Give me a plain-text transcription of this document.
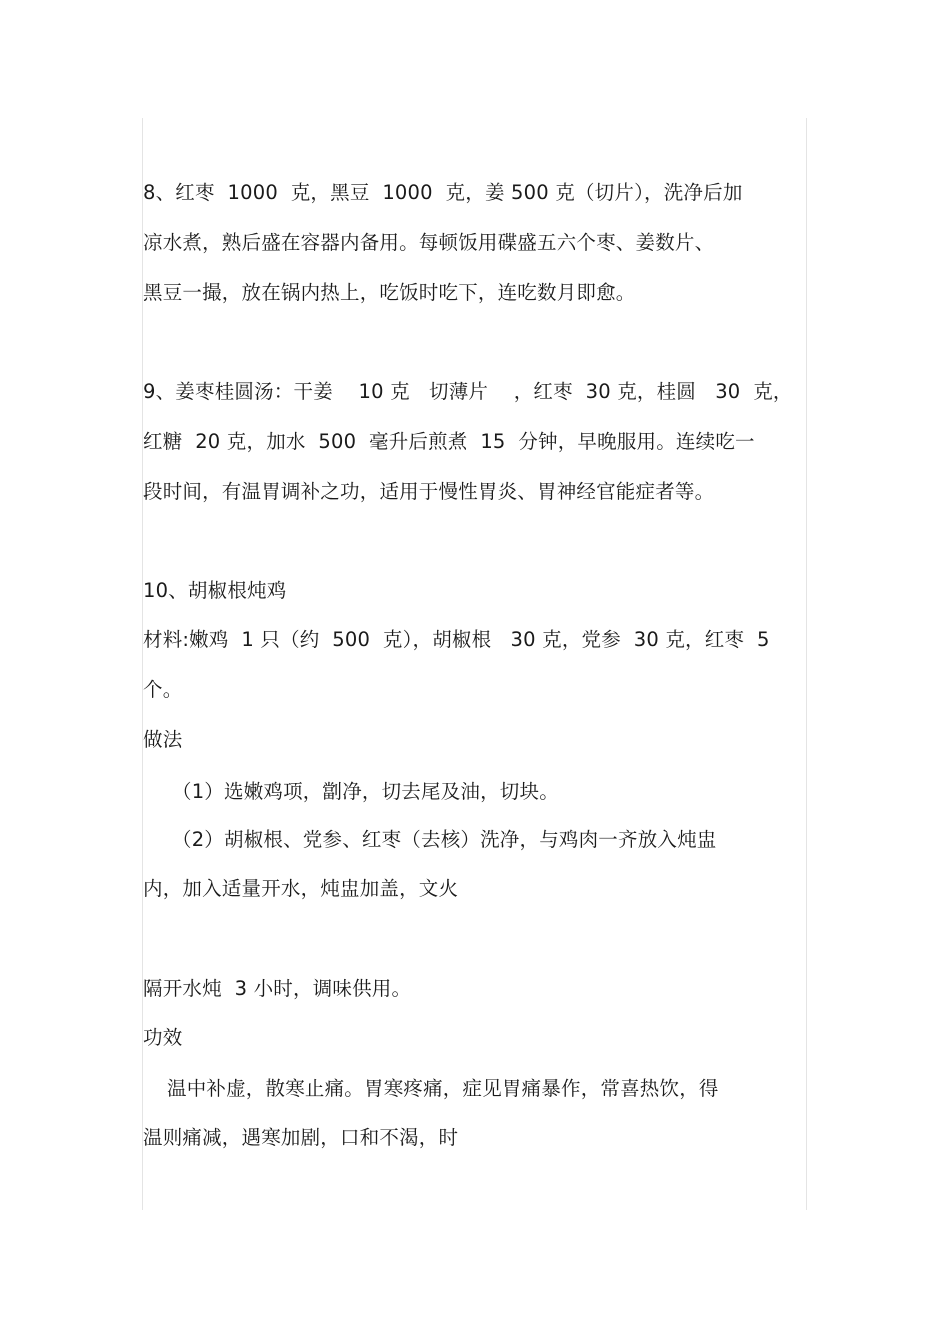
8、红枣  1000  克，黑豆  1000  克，姜 500 克（切片），洗净后加
凉水煮，熟后盛在容器内备用。每顿饭用碟盛五六个枣、姜数片、
黑豆一撮，放在锅内热上，吃饭时吃下，连吃数月即愈。
9、姜枣桂圆汤：干姜    10 克   切薄片    ，红枣  30 克，桂圆   30  克，
红糖  20 克，加水  500  毫升后煎煮  15  分钟，早晚服用。连续吃一
段时间，有温胃调补之功，适用于慢性胃炎、胃神经官能症者等。
10、胡椒根炖鸡
材料:嫩鸡  1 只（约  500  克），胡椒根   30 克，党参  30 克，红枣  5
个。
做法
（1）选嫩鸡项，劏净，切去尾及油，切块。
（2）胡椒根、党参、红枣（去核）洗净，与鸡肉一齐放入炖盅
内，加入适量开水，炖盅加盖，文火
隔开水炖  3 小时，调味供用。
功效
温中补虚，散寒止痛。胃寒疼痛，症见胃痛暴作，常喜热饮，得
温则痛减，遇寒加剧，口和不渴，时
